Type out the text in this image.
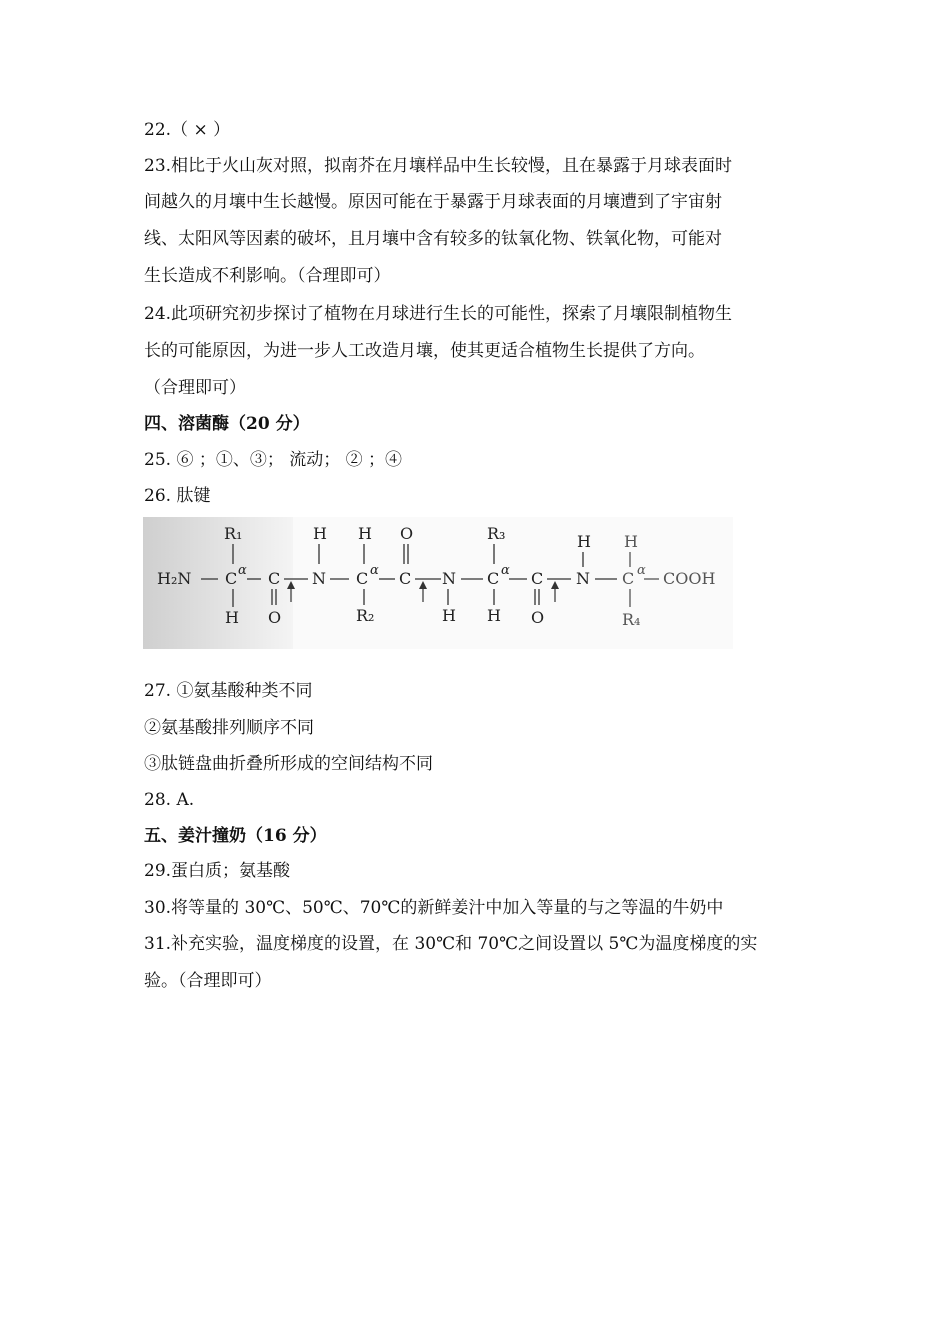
22.（ × ）
23.相比于火山灰对照，拟南芥在月壤样品中生长较慢，且在暴露于月球表面时
间越久的月壤中生长越慢。原因可能在于暴露于月球表面的月壤遭到了宇宙射
线、太阳风等因素的破坏，且月壤中含有较多的钛氧化物、铁氧化物，可能对
生长造成不利影响。（合理即可）
24.此项研究初步探讨了植物在月球进行生长的可能性，探索了月壤限制植物生
长的可能原因，为进一步人工改造月壤，使其更适合植物生长提供了方向。
（合理即可）
四、溶菌酶（20 分）
25. ⑥ ；①、③； 流动； ② ；④
26. 肽键
R₁
H₂N C α
H
C
O
H
N
H
C α
R₂
O
C N
H
R₃
C α
H
C
O
H
N
H
C α
R₄
COOH
27. ①氨基酸种类不同
②氨基酸排列顺序不同
③肽链盘曲折叠所形成的空间结构不同
28. A.
五、姜汁撞奶（16 分）
29.蛋白质；氨基酸
30.将等量的 30℃、50℃、70℃的新鲜姜汁中加入等量的与之等温的牛奶中
31.补充实验，温度梯度的设置，在 30℃和 70℃之间设置以 5℃为温度梯度的实
验。（合理即可）
